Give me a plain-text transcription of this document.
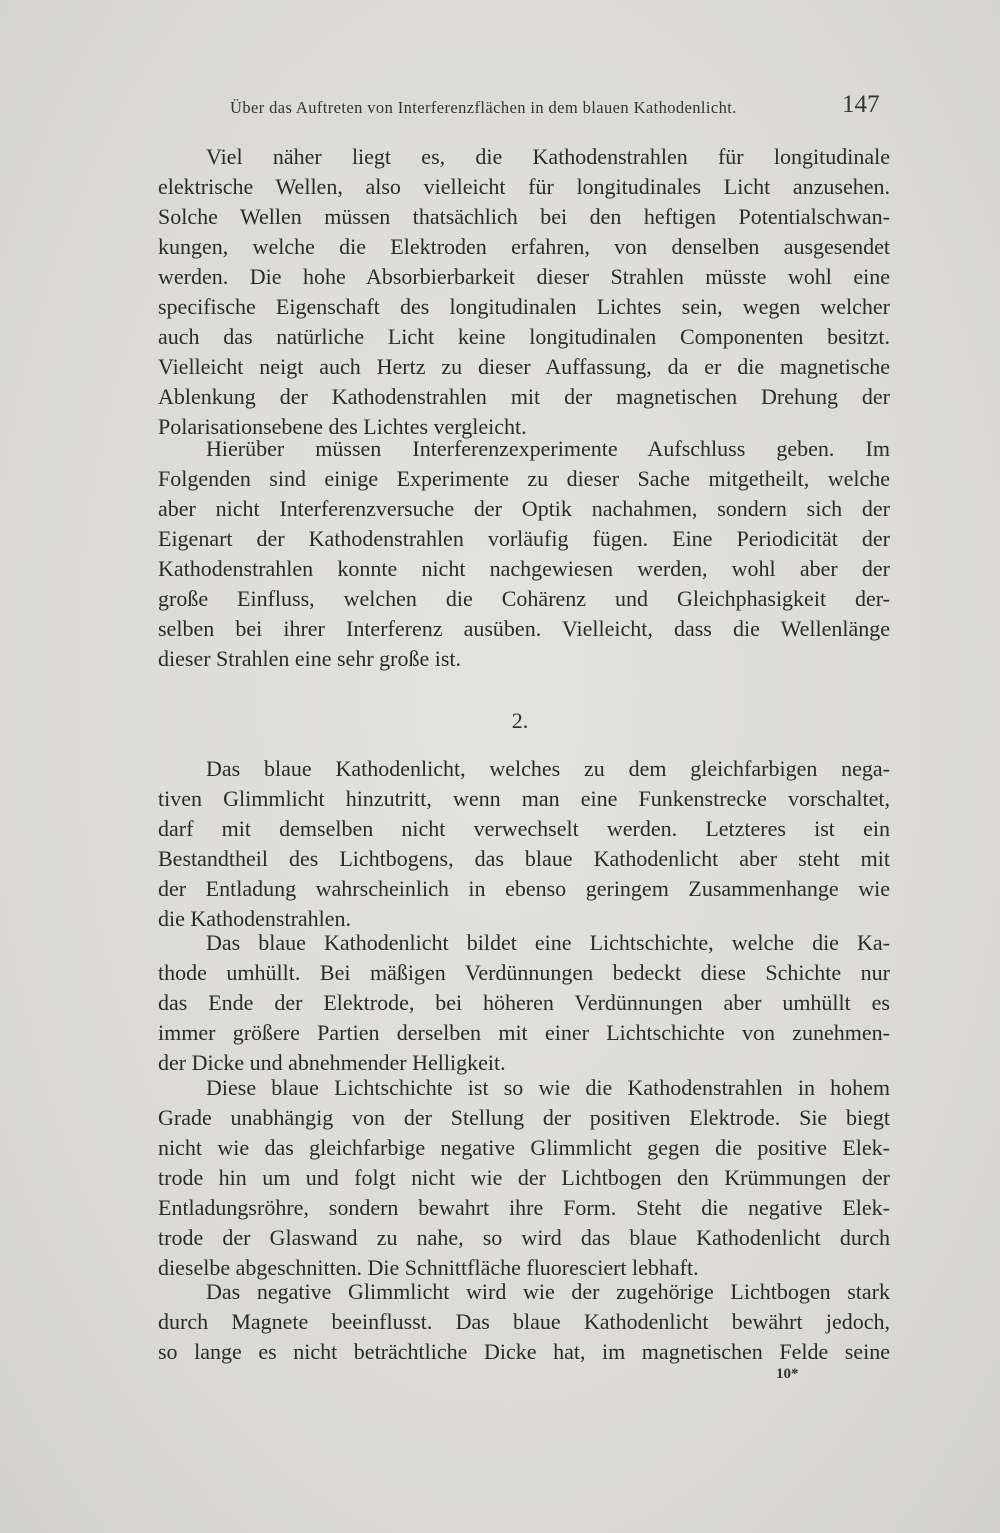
Über das Auftreten von Interferenzflächen in dem blauen Kathodenlicht.	147
Viel näher liegt es, die Kathodenstrahlen für longitudinale
elektrische Wellen, also vielleicht für longitudinales Licht anzusehen.
Solche Wellen müssen thatsächlich bei den heftigen Potentialschwan-
kungen, welche die Elektroden erfahren, von denselben ausgesendet
werden. Die hohe Absorbierbarkeit dieser Strahlen müsste wohl eine
specifische Eigenschaft des longitudinalen Lichtes sein, wegen welcher
auch das natürliche Licht keine longitudinalen Componenten besitzt.
Vielleicht neigt auch Hertz zu dieser Auffassung, da er die magnetische
Ablenkung der Kathodenstrahlen mit der magnetischen Drehung der
Polarisationsebene des Lichtes vergleicht.
Hierüber müssen Interferenzexperimente Aufschluss geben. Im
Folgenden sind einige Experimente zu dieser Sache mitgetheilt, welche
aber nicht Interferenzversuche der Optik nachahmen, sondern sich der
Eigenart der Kathodenstrahlen vorläufig fügen. Eine Periodicität der
Kathodenstrahlen konnte nicht nachgewiesen werden, wohl aber der
große Einfluss, welchen die Cohärenz und Gleichphasigkeit der-
selben bei ihrer Interferenz ausüben. Vielleicht, dass die Wellenlänge
dieser Strahlen eine sehr große ist.
2.
Das blaue Kathodenlicht, welches zu dem gleichfarbigen nega-
tiven Glimmlicht hinzutritt, wenn man eine Funkenstrecke vorschaltet,
darf mit demselben nicht verwechselt werden. Letzteres ist ein
Bestandtheil des Lichtbogens, das blaue Kathodenlicht aber steht mit
der Entladung wahrscheinlich in ebenso geringem Zusammenhange wie
die Kathodenstrahlen.
Das blaue Kathodenlicht bildet eine Lichtschichte, welche die Ka-
thode umhüllt. Bei mäßigen Verdünnungen bedeckt diese Schichte nur
das Ende der Elektrode, bei höheren Verdünnungen aber umhüllt es
immer größere Partien derselben mit einer Lichtschichte von zunehmen-
der Dicke und abnehmender Helligkeit.
Diese blaue Lichtschichte ist so wie die Kathodenstrahlen in hohem
Grade unabhängig von der Stellung der positiven Elektrode. Sie biegt
nicht wie das gleichfarbige negative Glimmlicht gegen die positive Elek-
trode hin um und folgt nicht wie der Lichtbogen den Krümmungen der
Entladungsröhre, sondern bewahrt ihre Form. Steht die negative Elek-
trode der Glaswand zu nahe, so wird das blaue Kathodenlicht durch
dieselbe abgeschnitten. Die Schnittfläche fluoresciert lebhaft.
Das negative Glimmlicht wird wie der zugehörige Lichtbogen stark
durch Magnete beeinflusst. Das blaue Kathodenlicht bewährt jedoch,
so lange es nicht beträchtliche Dicke hat, im magnetischen Felde seine
10*
